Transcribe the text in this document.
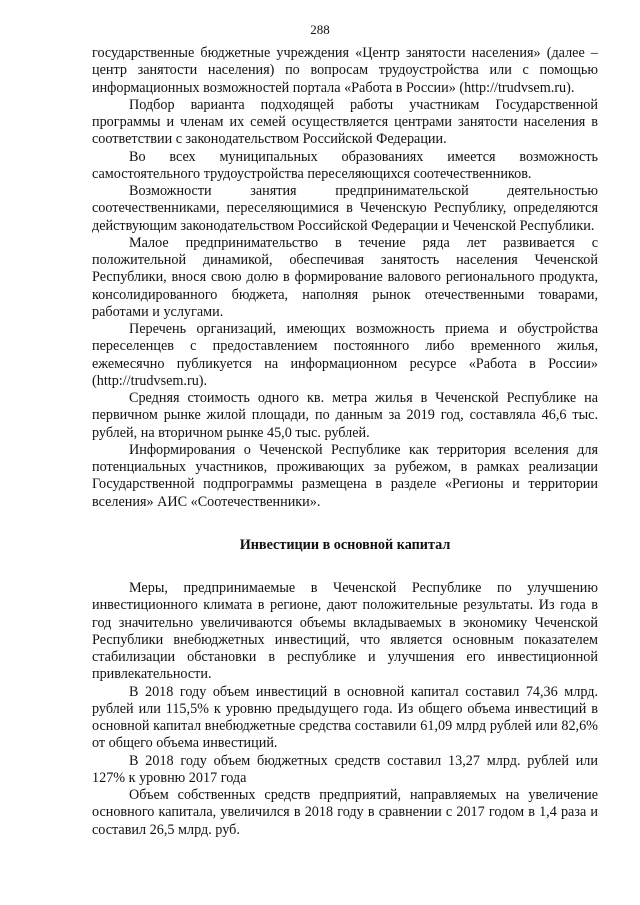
288

государственные бюджетные учреждения «Центр занятости населения» (далее – центр занятости населения) по вопросам трудоустройства или с помощью информационных возможностей портала «Работа в России» (http://trudvsem.ru).

Подбор варианта подходящей работы участникам Государственной программы и членам их семей осуществляется центрами занятости населения в соответствии с законодательством Российской Федерации.

Во всех муниципальных образованиях имеется возможность самостоятельного трудоустройства переселяющихся соотечественников.

Возможности занятия предпринимательской деятельностью соотечественниками, переселяющимися в Чеченскую Республику, определяются действующим законодательством Российской Федерации и Чеченской Республики.

Малое предпринимательство в течение ряда лет развивается с положительной динамикой, обеспечивая занятость населения Чеченской Республики, внося свою долю в формирование валового регионального продукта, консолидированного бюджета, наполняя рынок отечественными товарами, работами и услугами.

Перечень организаций, имеющих возможность приема и обустройства переселенцев с предоставлением постоянного либо временного жилья, ежемесячно публикуется на информационном ресурсе «Работа в России» (http://trudvsem.ru).

Средняя стоимость одного кв. метра жилья в Чеченской Республике на первичном рынке жилой площади, по данным за 2019 год, составляла 46,6 тыс. рублей, на вторичном рынке 45,0 тыс. рублей.

Информирования о Чеченской Республике как территория вселения для потенциальных участников, проживающих за рубежом, в рамках реализации Государственной подпрограммы размещена в разделе «Регионы и территории вселения» АИС «Соотечественники».

Инвестиции в основной капитал

Меры, предпринимаемые в Чеченской Республике по улучшению инвестиционного климата в регионе, дают положительные результаты. Из года в год значительно увеличиваются объемы вкладываемых в экономику Чеченской Республики внебюджетных инвестиций, что является основным показателем стабилизации обстановки в республике и улучшения его инвестиционной привлекательности.

В 2018 году объем инвестиций в основной капитал составил 74,36 млрд. рублей или 115,5% к уровню предыдущего года. Из общего объема инвестиций в основной капитал внебюджетные средства составили 61,09 млрд рублей или 82,6% от общего объема инвестиций.

В 2018 году объем бюджетных средств составил 13,27 млрд. рублей или 127% к уровню 2017 года

Объем собственных средств предприятий, направляемых на увеличение основного капитала, увеличился в 2018 году в сравнении с 2017 годом в 1,4 раза и составил 26,5 млрд. руб.
